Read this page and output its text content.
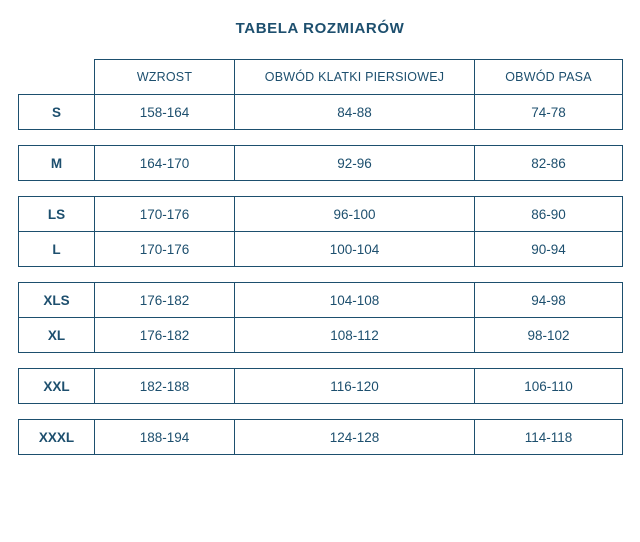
TABELA ROZMIARÓW
	WZROST	OBWÓD KLATKI PIERSIOWEJ	OBWÓD PASA
S	158-164	84-88	74-78

M	164-170	92-96	82-86

LS	170-176	96-100	86-90
L	170-176	100-104	90-94

XLS	176-182	104-108	94-98
XL	176-182	108-112	98-102

XXL	182-188	116-120	106-110

XXXL	188-194	124-128	114-118
